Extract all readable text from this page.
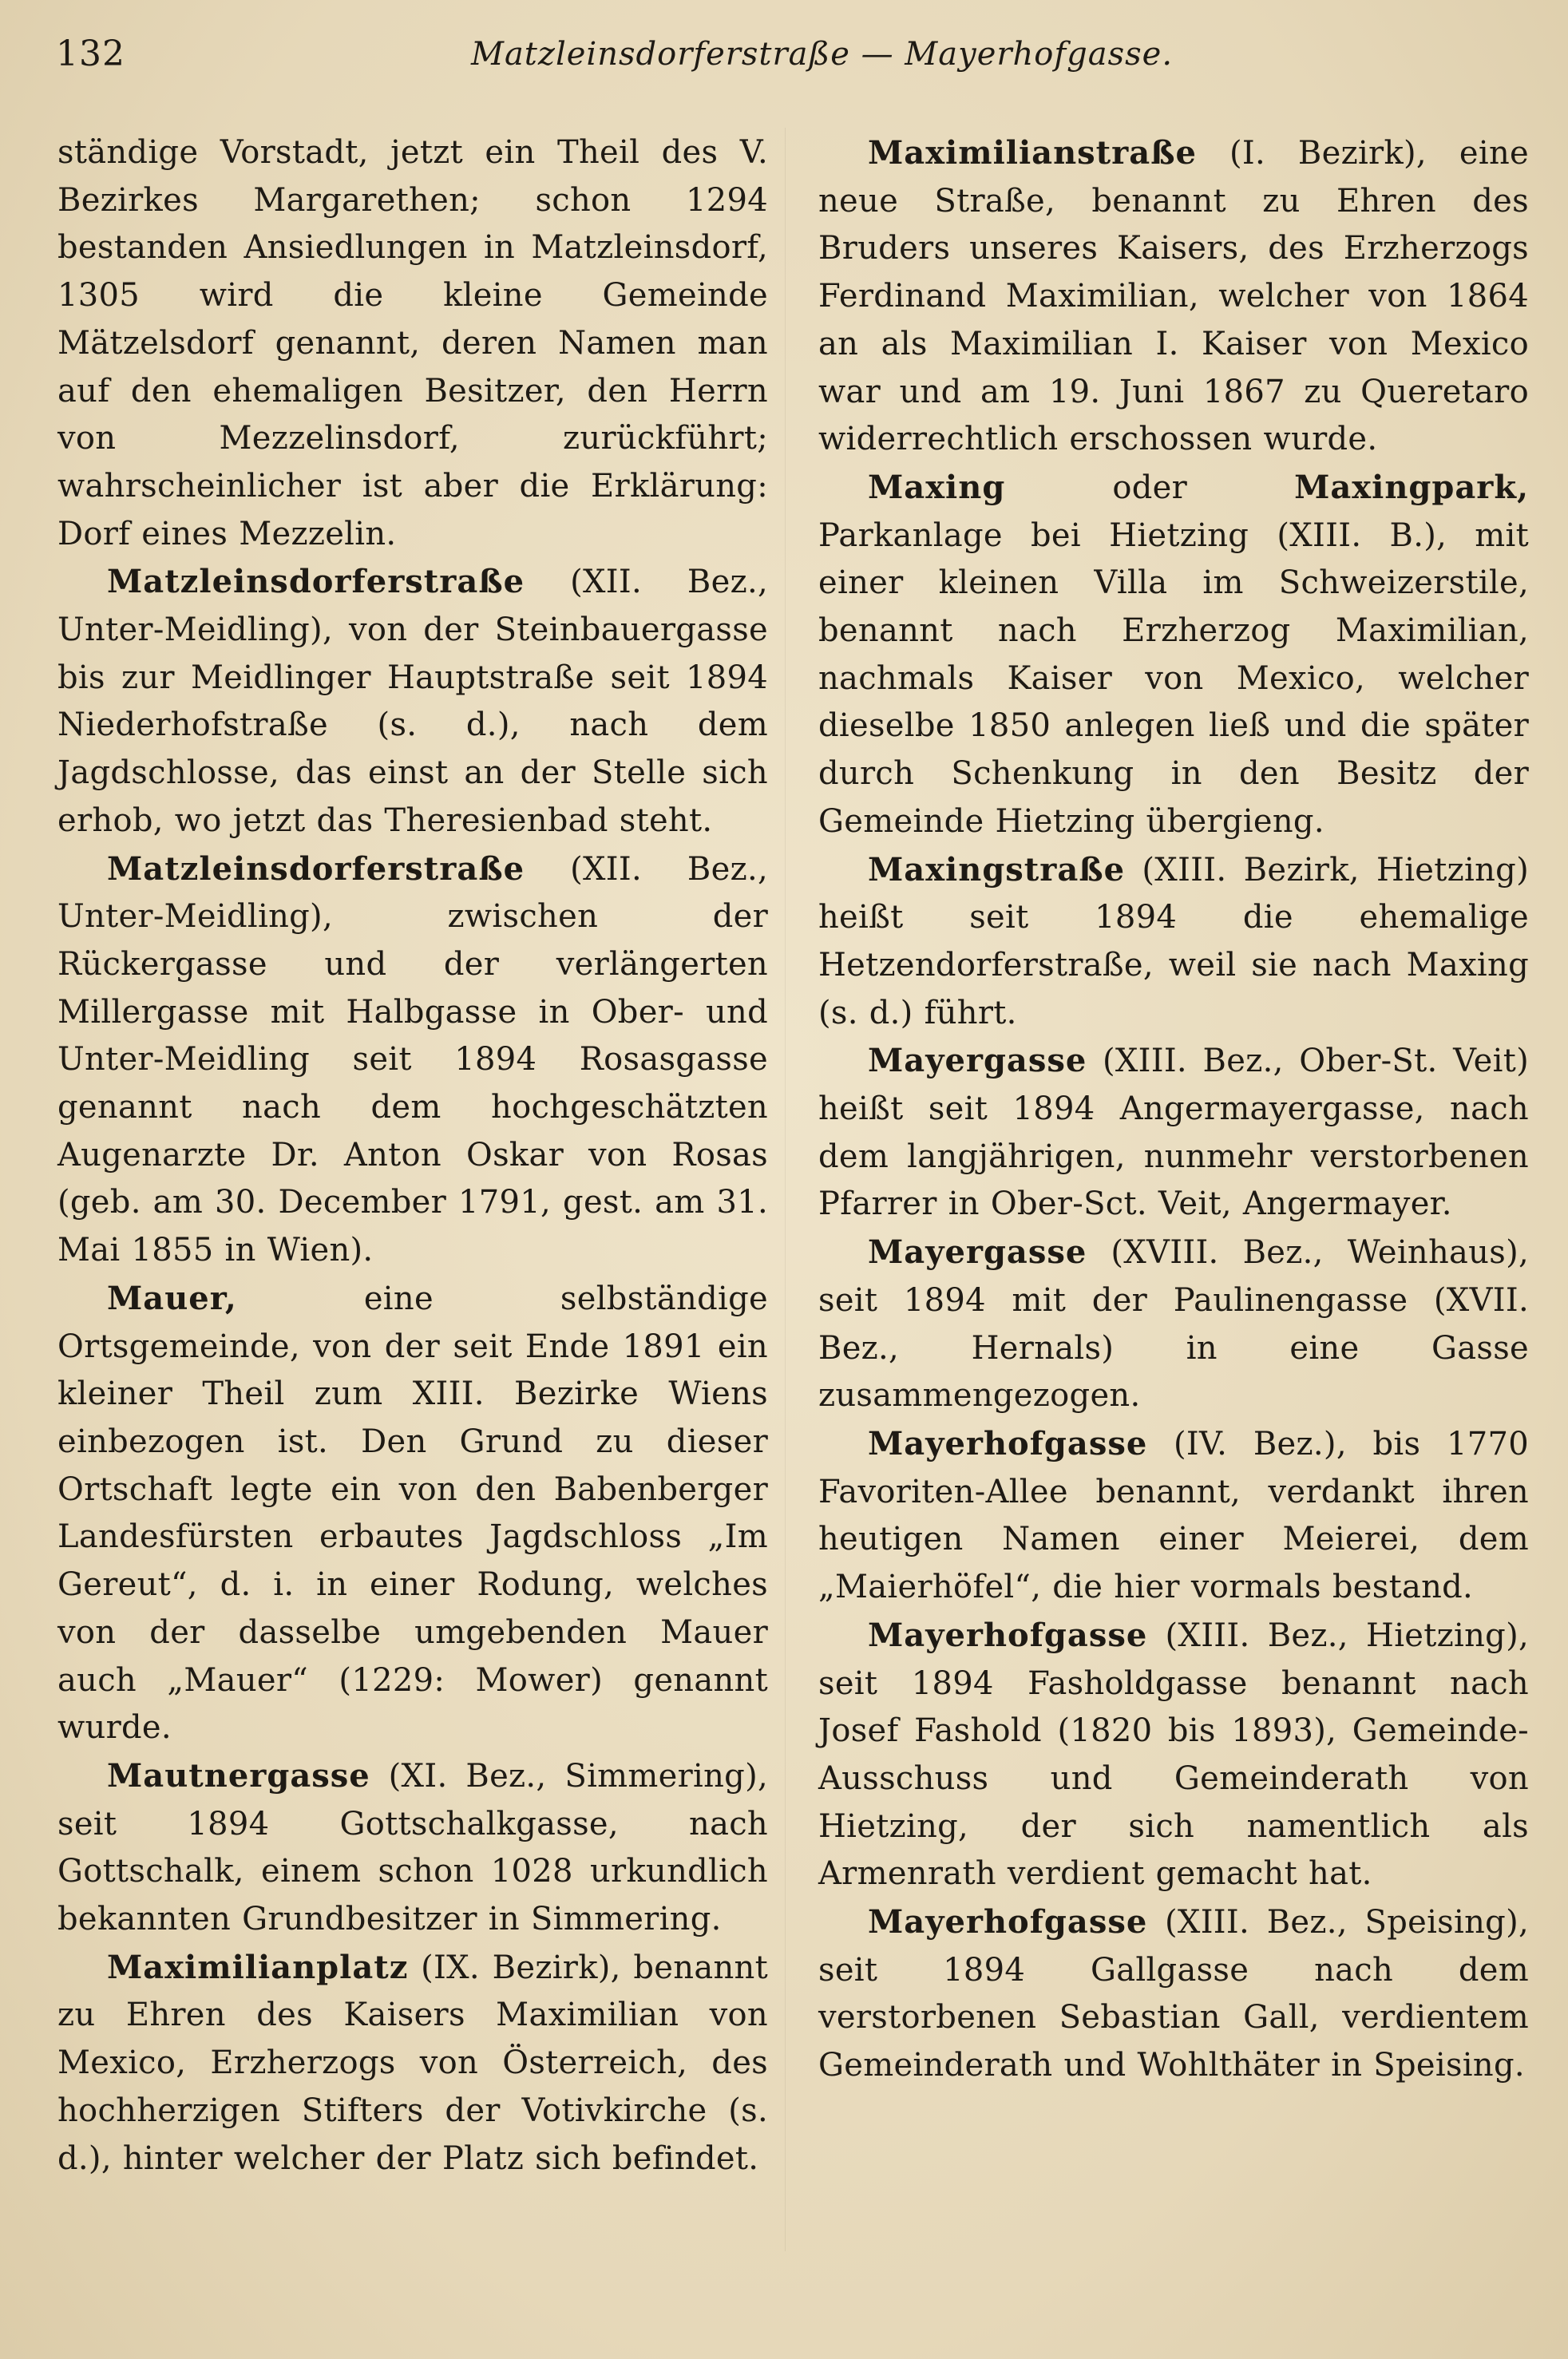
132	Matzleinsdorferstraße — Mayerhofgasse.

ständige Vorstadt, jetzt ein Theil des V. Bezirkes Margarethen; schon 1294 bestanden Ansiedlungen in Matzleinsdorf, 1305 wird die kleine Gemeinde Mätzelsdorf genannt, deren Namen man auf den ehemaligen Besitzer, den Herrn von Mezzelinsdorf, zurückführt; wahrscheinlicher ist aber die Erklärung: Dorf eines Mezzelin.

Matzleinsdorferstraße (XII. Bez., Unter-Meidling), von der Steinbauergasse bis zur Meidlinger Hauptstraße seit 1894 Niederhofstraße (s. d.), nach dem Jagdschlosse, das einst an der Stelle sich erhob, wo jetzt das Theresienbad steht.

Matzleinsdorferstraße (XII. Bez., Unter-Meidling), zwischen der Rückergasse und der verlängerten Millergasse mit Halbgasse in Ober- und Unter-Meidling seit 1894 Rosasgasse genannt nach dem hochgeschätzten Augenarzte Dr. Anton Oskar von Rosas (geb. am 30. December 1791, gest. am 31. Mai 1855 in Wien).

Mauer, eine selbständige Ortsgemeinde, von der seit Ende 1891 ein kleiner Theil zum XIII. Bezirke Wiens einbezogen ist. Den Grund zu dieser Ortschaft legte ein von den Babenberger Landesfürsten erbautes Jagdschloss „Im Gereut“, d. i. in einer Rodung, welches von der dasselbe umgebenden Mauer auch „Mauer“ (1229: Mower) genannt wurde.

Mautnergasse (XI. Bez., Simmering), seit 1894 Gottschalkgasse, nach Gottschalk, einem schon 1028 urkundlich bekannten Grundbesitzer in Simmering.

Maximilianplatz (IX. Bezirk), benannt zu Ehren des Kaisers Maximilian von Mexico, Erzherzogs von Österreich, des hochherzigen Stifters der Votivkirche (s. d.), hinter welcher der Platz sich befindet.

Maximilianstraße (I. Bezirk), eine neue Straße, benannt zu Ehren des Bruders unseres Kaisers, des Erzherzogs Ferdinand Maximilian, welcher von 1864 an als Maximilian I. Kaiser von Mexico war und am 19. Juni 1867 zu Queretaro widerrechtlich erschossen wurde.

Maxing oder Maxingpark, Parkanlage bei Hietzing (XIII. B.), mit einer kleinen Villa im Schweizerstile, benannt nach Erzherzog Maximilian, nachmals Kaiser von Mexico, welcher dieselbe 1850 anlegen ließ und die später durch Schenkung in den Besitz der Gemeinde Hietzing übergieng.

Maxingstraße (XIII. Bezirk, Hietzing) heißt seit 1894 die ehemalige Hetzendorferstraße, weil sie nach Maxing (s. d.) führt.

Mayergasse (XIII. Bez., Ober-St. Veit) heißt seit 1894 Angermayergasse, nach dem langjährigen, nunmehr verstorbenen Pfarrer in Ober-Sct. Veit, Angermayer.

Mayergasse (XVIII. Bez., Weinhaus), seit 1894 mit der Paulinengasse (XVII. Bez., Hernals) in eine Gasse zusammengezogen.

Mayerhofgasse (IV. Bez.), bis 1770 Favoriten-Allee benannt, verdankt ihren heutigen Namen einer Meierei, dem „Maierhöfel“, die hier vormals bestand.

Mayerhofgasse (XIII. Bez., Hietzing), seit 1894 Fasholdgasse benannt nach Josef Fashold (1820 bis 1893), Gemeinde-Ausschuss und Gemeinderath von Hietzing, der sich namentlich als Armenrath verdient gemacht hat.

Mayerhofgasse (XIII. Bez., Speising), seit 1894 Gallgasse nach dem verstorbenen Sebastian Gall, verdientem Gemeinderath und Wohlthäter in Speising.
